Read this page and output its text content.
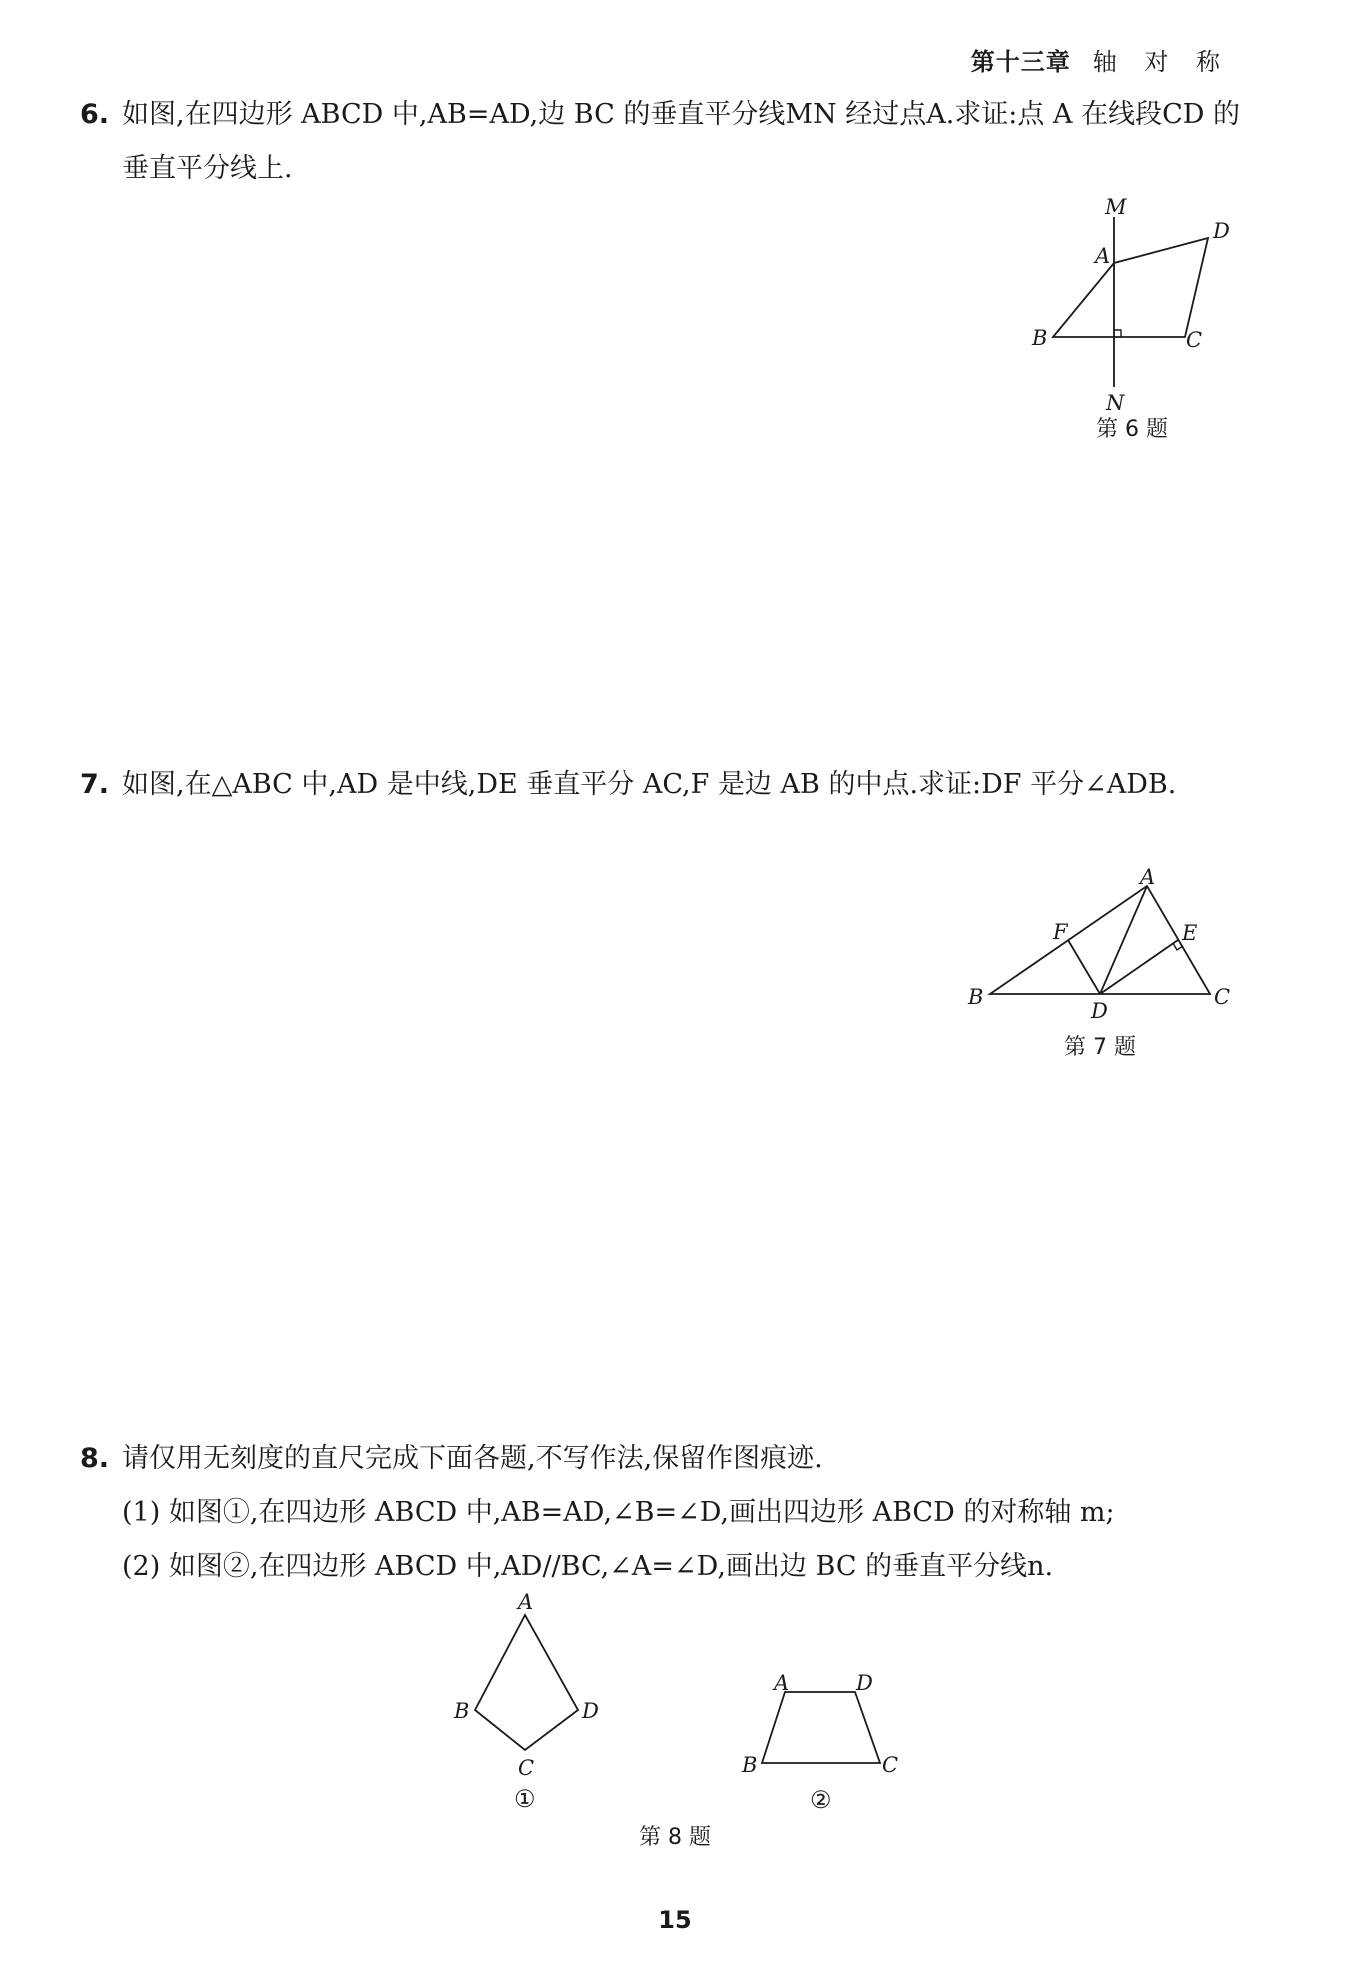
第十三章 轴 对 称
6. 如图,在四边形 ABCD 中,AB=AD,边 BC 的垂直平分线MN 经过点A.求证:点 A 在线段CD 的垂直平分线上.
M
D
A
B	C
N
第 6 题
7. 如图,在△ABC 中,AD 是中线,DE 垂直平分 AC,F 是边 AB 的中点.求证:DF 平分∠ADB.
A
F	E
B
D
C
第 7 题
8. 请仅用无刻度的直尺完成下面各题,不写作法,保留作图痕迹.
(1) 如图①,在四边形 ABCD 中,AB=AD,∠B=∠D,画出四边形 ABCD 的对称轴 m;
(2) 如图②,在四边形 ABCD 中,AD//BC,∠A=∠D,画出边 BC 的垂直平分线n.
A
B	D
C
①
A	D
B	C
②
第 8 题
15
